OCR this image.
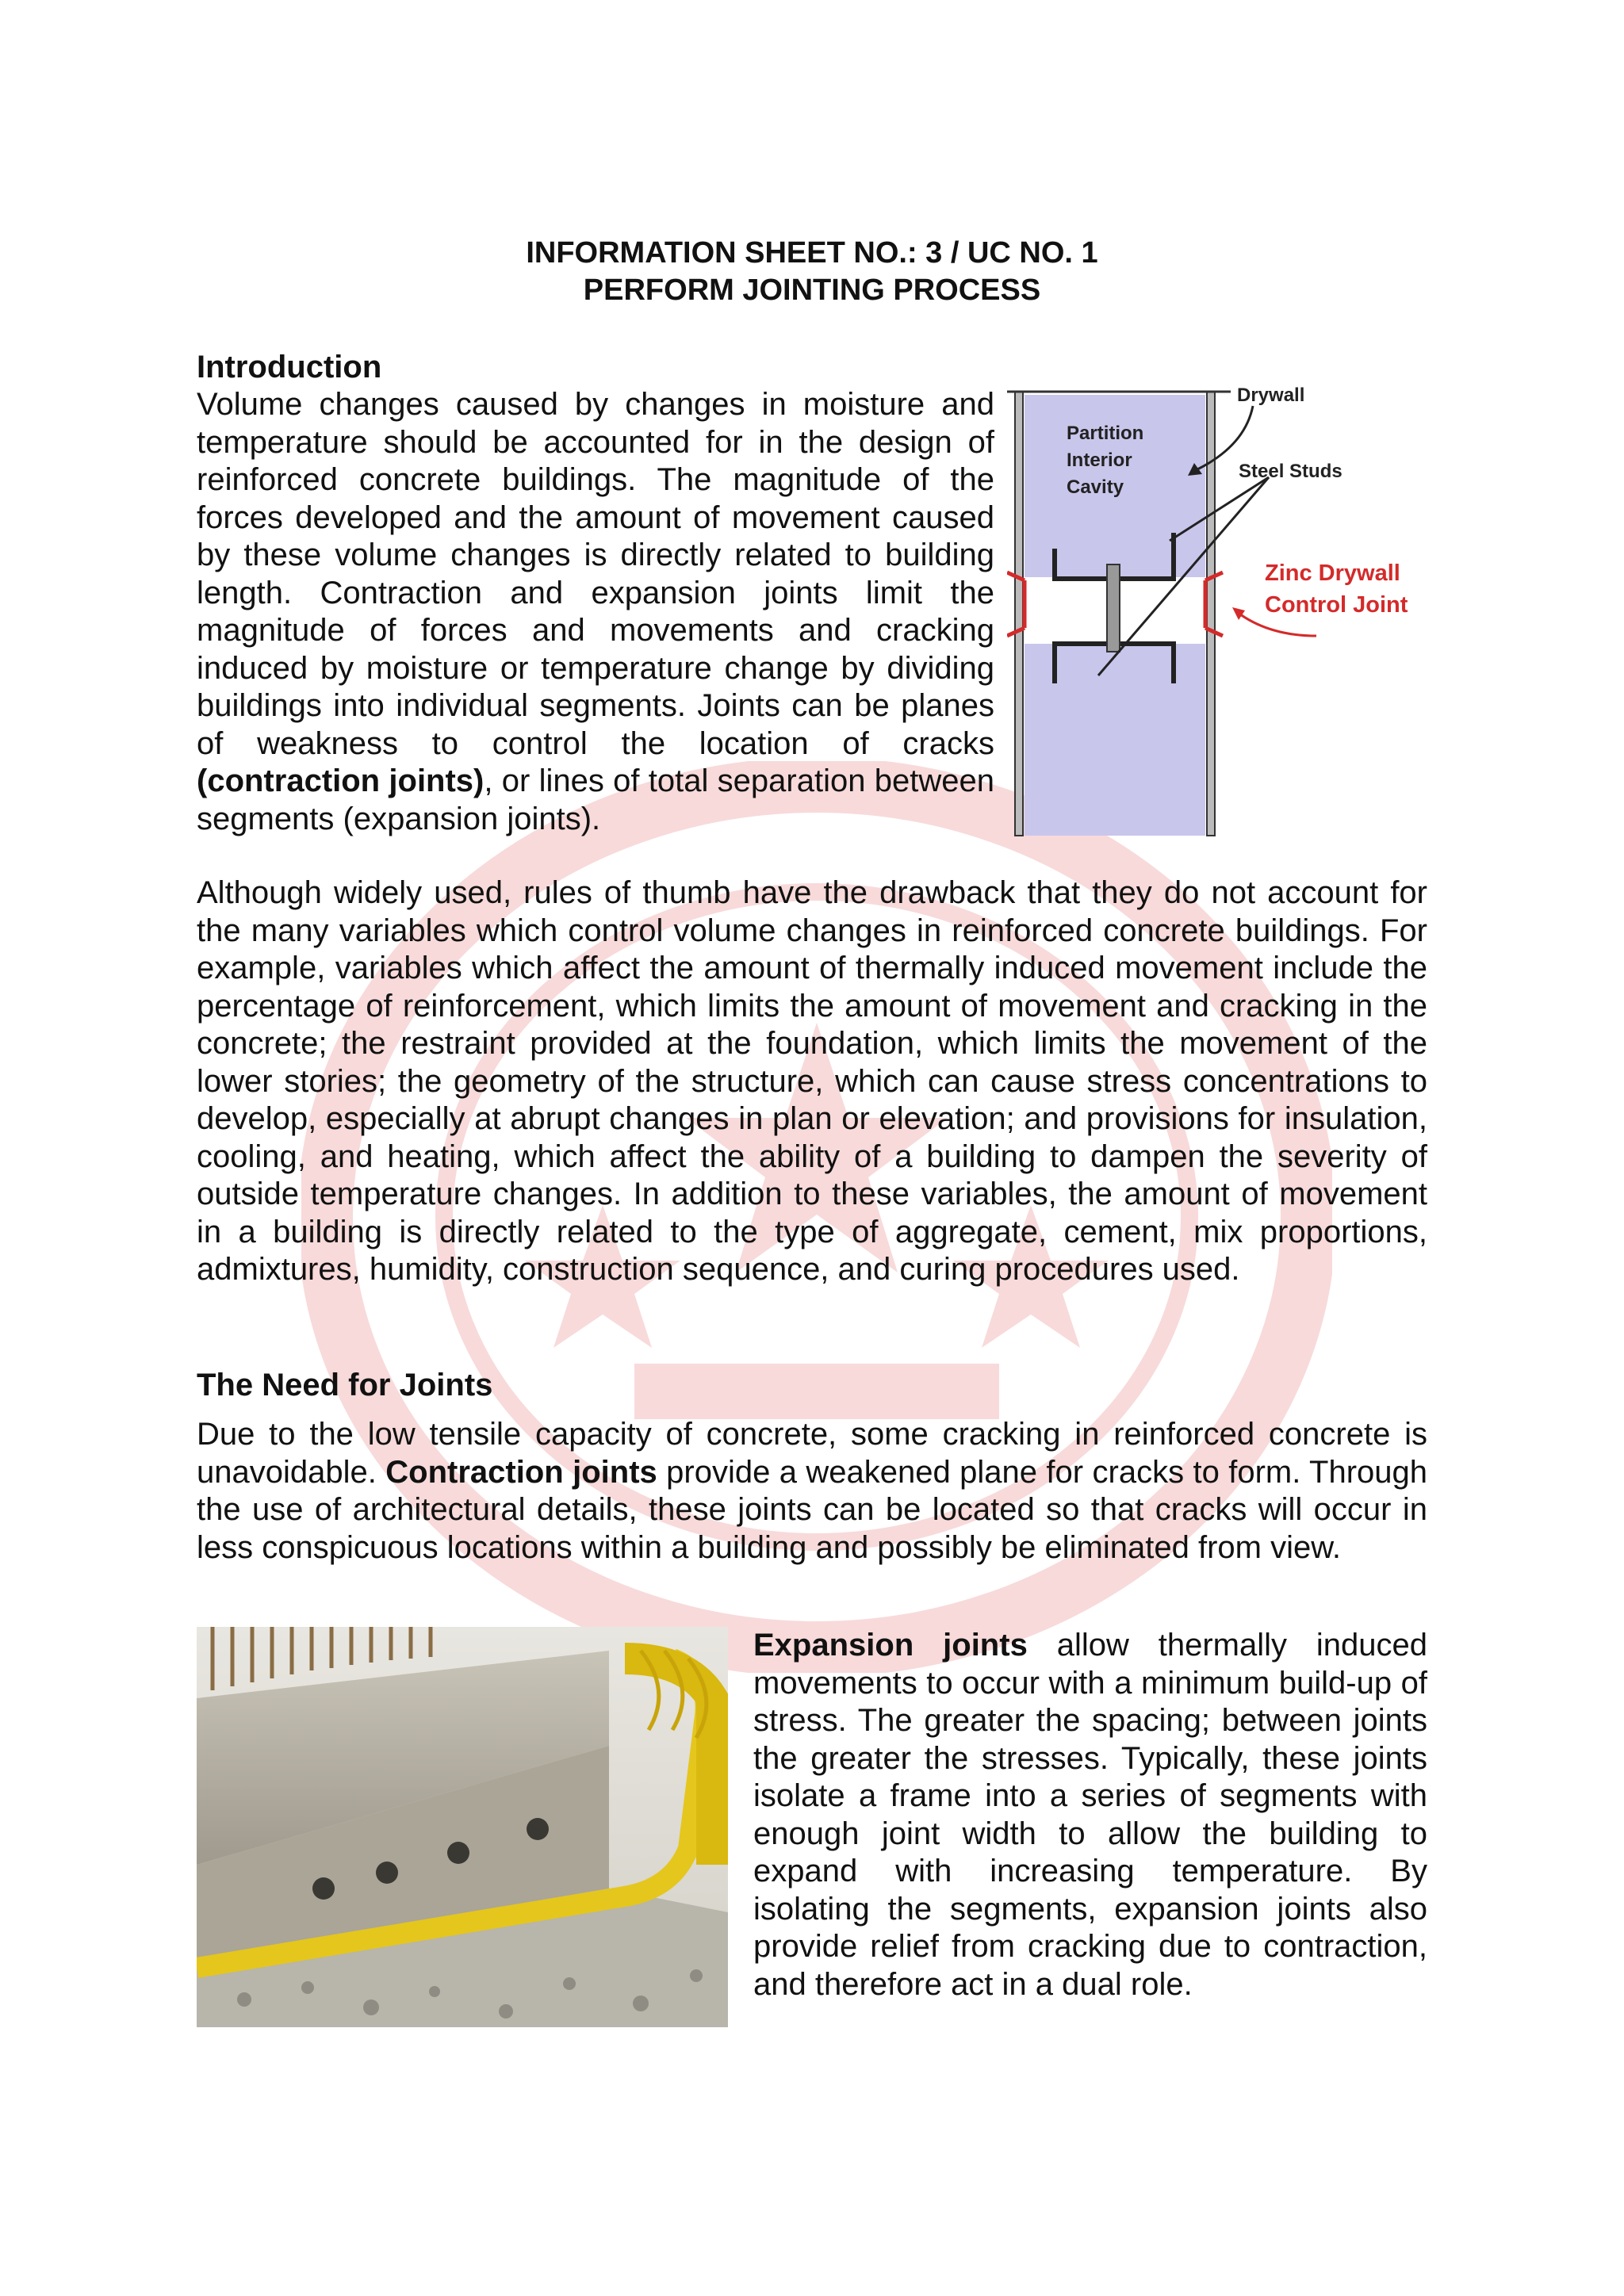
INFORMATION SHEET NO.: 3 / UC NO. 1
PERFORM JOINTING PROCESS
Introduction
Volume changes caused by changes in moisture and temperature should be accounted for in the design of reinforced concrete buildings. The magnitude of the forces developed and the amount of movement caused by these volume changes is directly related to building length. Contraction and expansion joints limit the magnitude of forces and movements and cracking induced by moisture or temperature change by dividing buildings into individual segments. Joints can be planes of weakness to control the location of cracks (contraction joints), or lines of total separation between segments (expansion joints).
Drywall
Partition
Interior
Cavity
Steel Studs
Zinc Drywall
Control Joint
Although widely used, rules of thumb have the drawback that they do not account for the many variables which control volume changes in reinforced concrete buildings. For example, variables which affect the amount of thermally induced movement include the percentage of reinforcement, which limits the amount of movement and cracking in the concrete; the restraint provided at the foundation, which limits the movement of the lower stories; the geometry of the structure, which can cause stress concentrations to develop, especially at abrupt changes in plan or elevation; and provisions for insulation, cooling, and heating, which affect the ability of a building to dampen the severity of outside temperature changes. In addition to these variables, the amount of movement in a building is directly related to the type of aggregate, cement, mix proportions, admixtures, humidity, construction sequence, and curing procedures used.
The Need for Joints
Due to the low tensile capacity of concrete, some cracking in reinforced concrete is unavoidable. Contraction joints provide a weakened plane for cracks to form. Through the use of architectural details, these joints can be located so that cracks will occur in less conspicuous locations within a building and possibly be eliminated from view.
Expansion joints allow thermally induced movements to occur with a minimum build-up of stress. The greater the spacing; between joints the greater the stresses. Typically, these joints isolate a frame into a series of segments with enough joint width to allow the building to expand with increasing temperature. By isolating the segments, expansion joints also provide relief from cracking due to contraction, and therefore act in a dual role.
